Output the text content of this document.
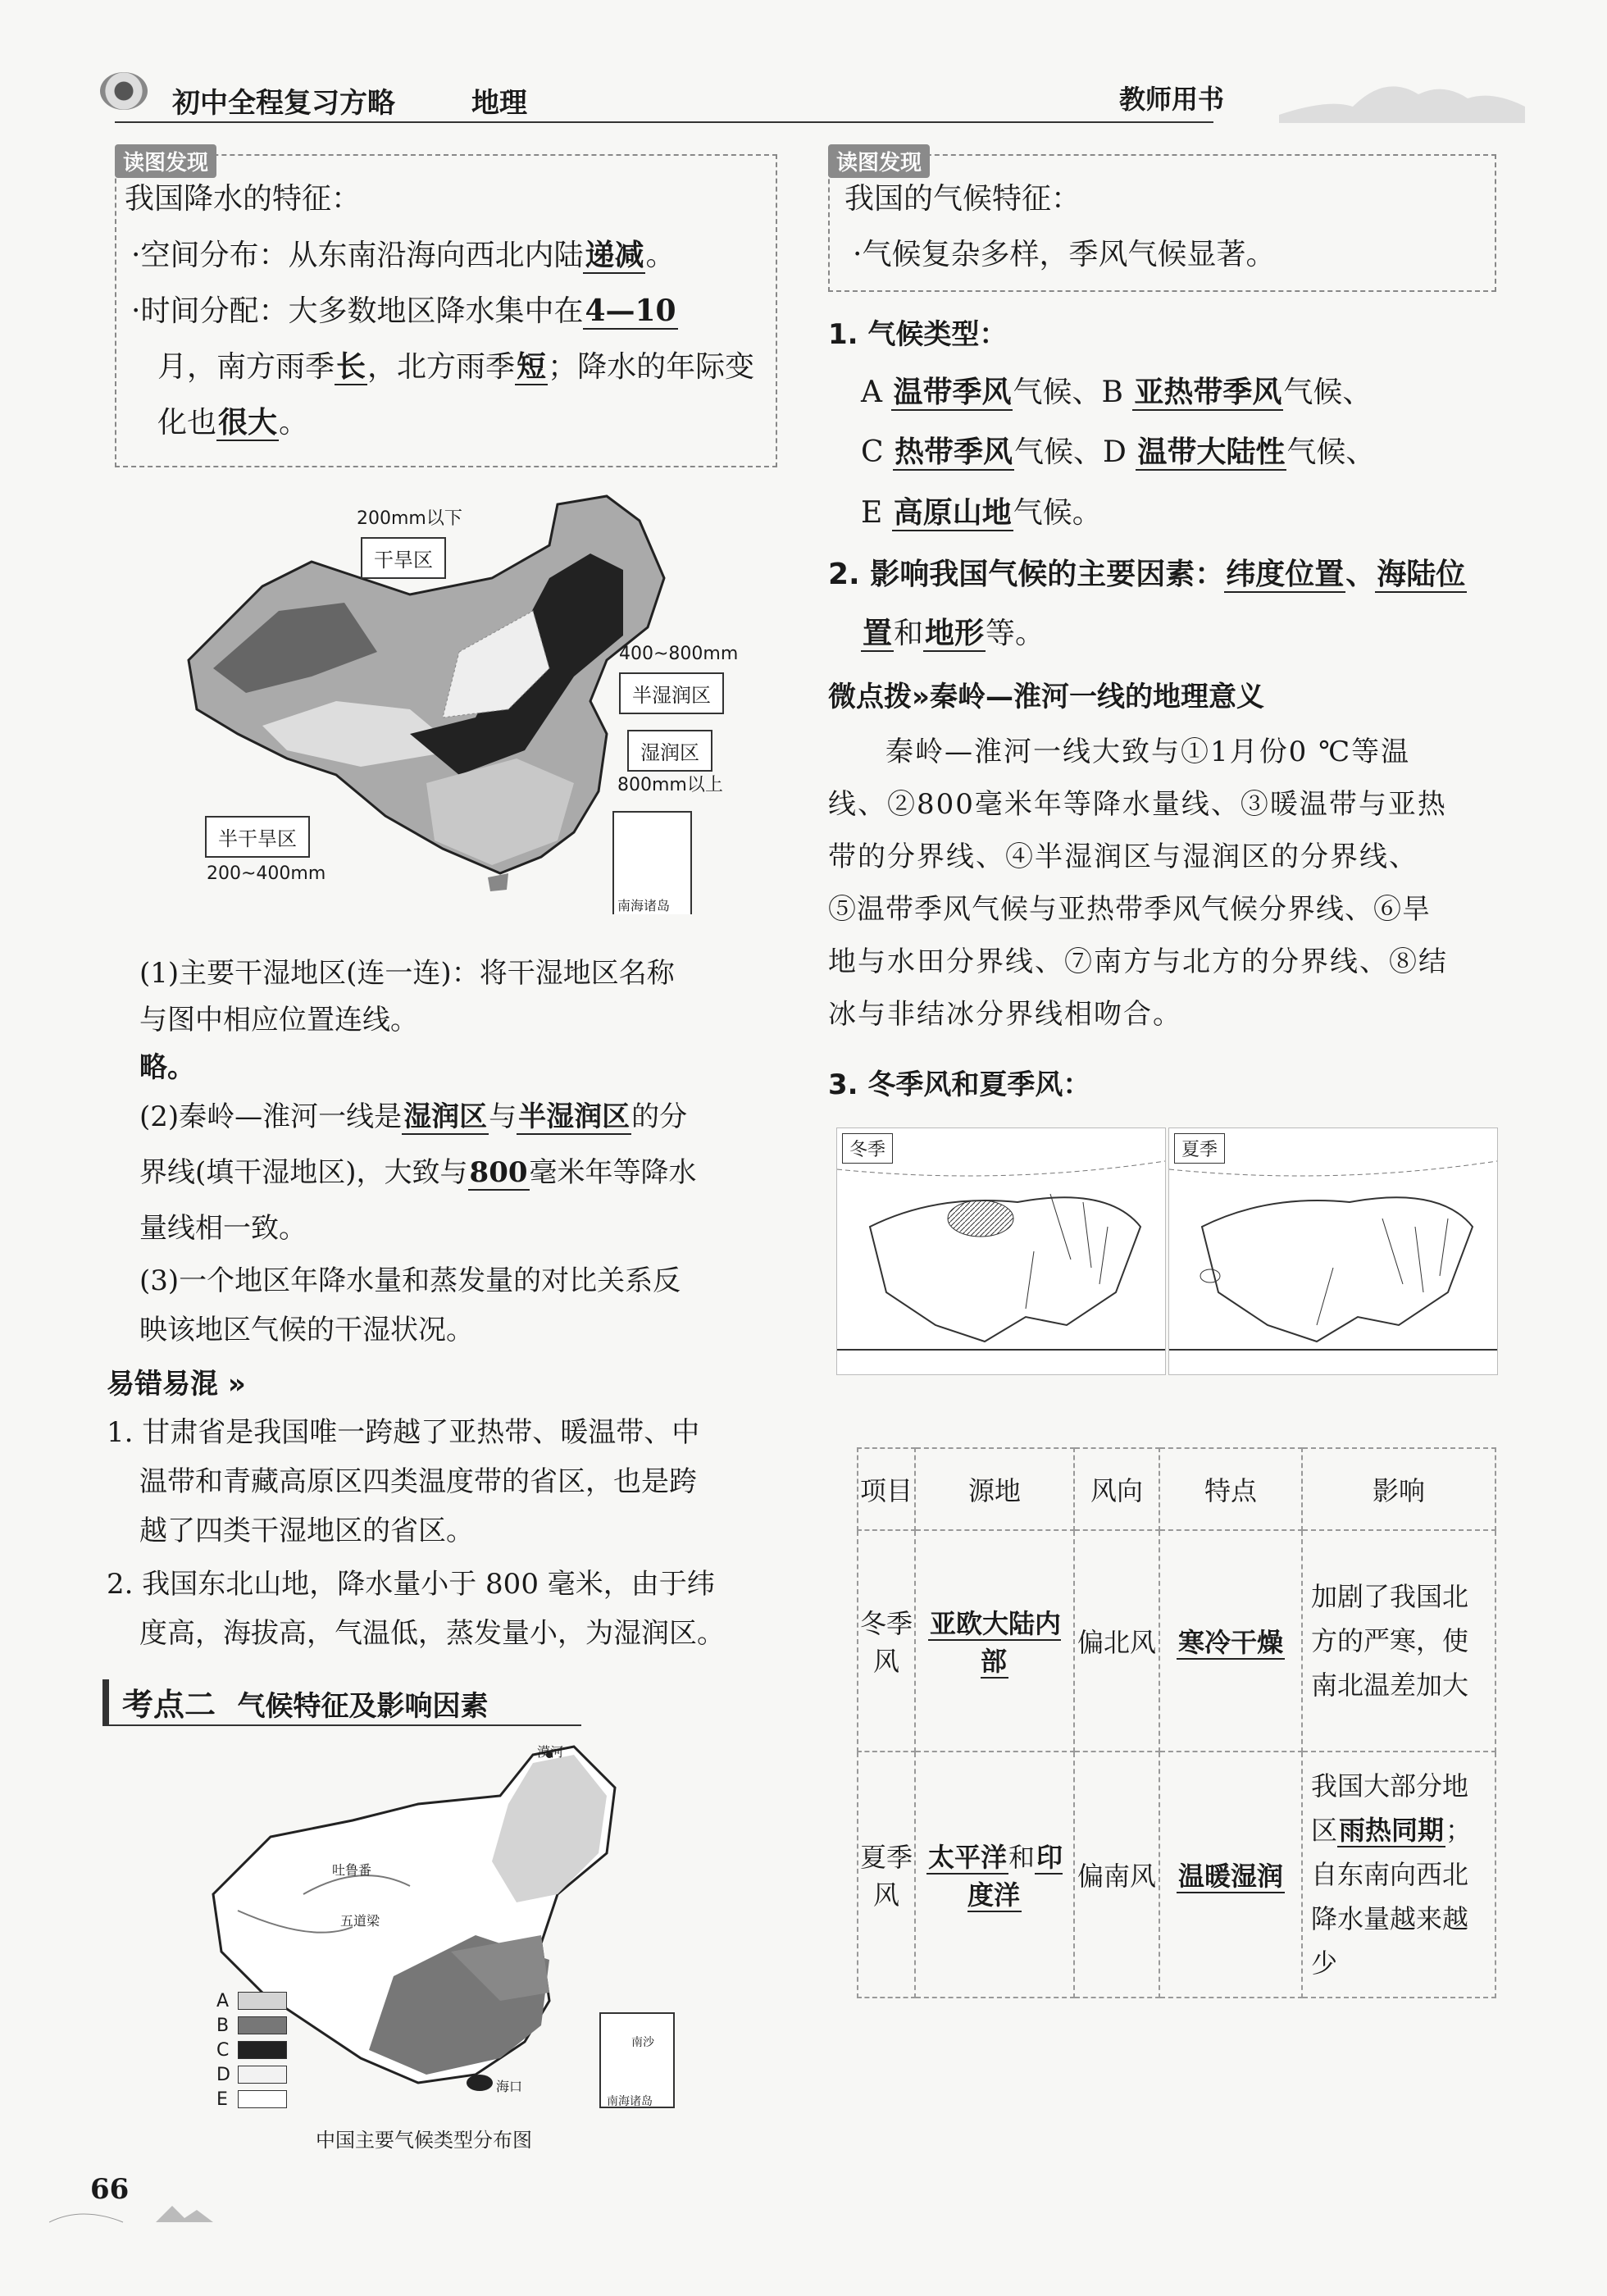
初中全程复习方略	地理	教师用书
读图发现
我国降水的特征：
·空间分布：从东南沿海向西北内陆递减。
·时间分配：大多数地区降水集中在4—10
月，南方雨季长，北方雨季短；降水的年际变
化也很大。
200mm以下
干旱区
400~800mm
半湿润区
湿润区
800mm以上
半干旱区
200~400mm
南海诸岛
(1)主要干湿地区(连一连)：将干湿地区名称
与图中相应位置连线。
略。
(2)秦岭—淮河一线是湿润区与半湿润区的分
界线(填干湿地区)，大致与800毫米年等降水
量线相一致。
(3)一个地区年降水量和蒸发量的对比关系反
映该地区气候的干湿状况。
易错易混 »
1. 甘肃省是我国唯一跨越了亚热带、暖温带、中
温带和青藏高原区四类温度带的省区，也是跨
越了四类干湿地区的省区。
2. 我国东北山地，降水量小于 800 毫米，由于纬
度高，海拔高，气温低，蒸发量小，为湿润区。
考点二 气候特征及影响因素
漠河
吐鲁番
五道梁
海口
南沙
南海诸岛
A
B
C
D
E
中国主要气候类型分布图
读图发现
我国的气候特征：
·气候复杂多样，季风气候显著。
1. 气候类型：
A 温带季风气候、B 亚热带季风气候、
C 热带季风气候、D 温带大陆性气候、
E 高原山地气候。
2. 影响我国气候的主要因素：纬度位置、海陆位
置和地形等。
微点拨»秦岭—淮河一线的地理意义
秦岭—淮河一线大致与①1月份0 ℃等温
线、②800毫米年等降水量线、③暖温带与亚热
带的分界线、④半湿润区与湿润区的分界线、
⑤温带季风气候与亚热带季风气候分界线、⑥旱
地与水田分界线、⑦南方与北方的分界线、⑧结
冰与非结冰分界线相吻合。
3. 冬季风和夏季风：
冬季	夏季
项目	源地	风向	特点	影响
冬季风	亚欧大陆内部	偏北风	寒冷干燥	加剧了我国北方的严寒，使南北温差加大
夏季风	太平洋和印度洋	偏南风	温暖湿润	我国大部分地区雨热同期；自东南向西北降水量越来越少
66
